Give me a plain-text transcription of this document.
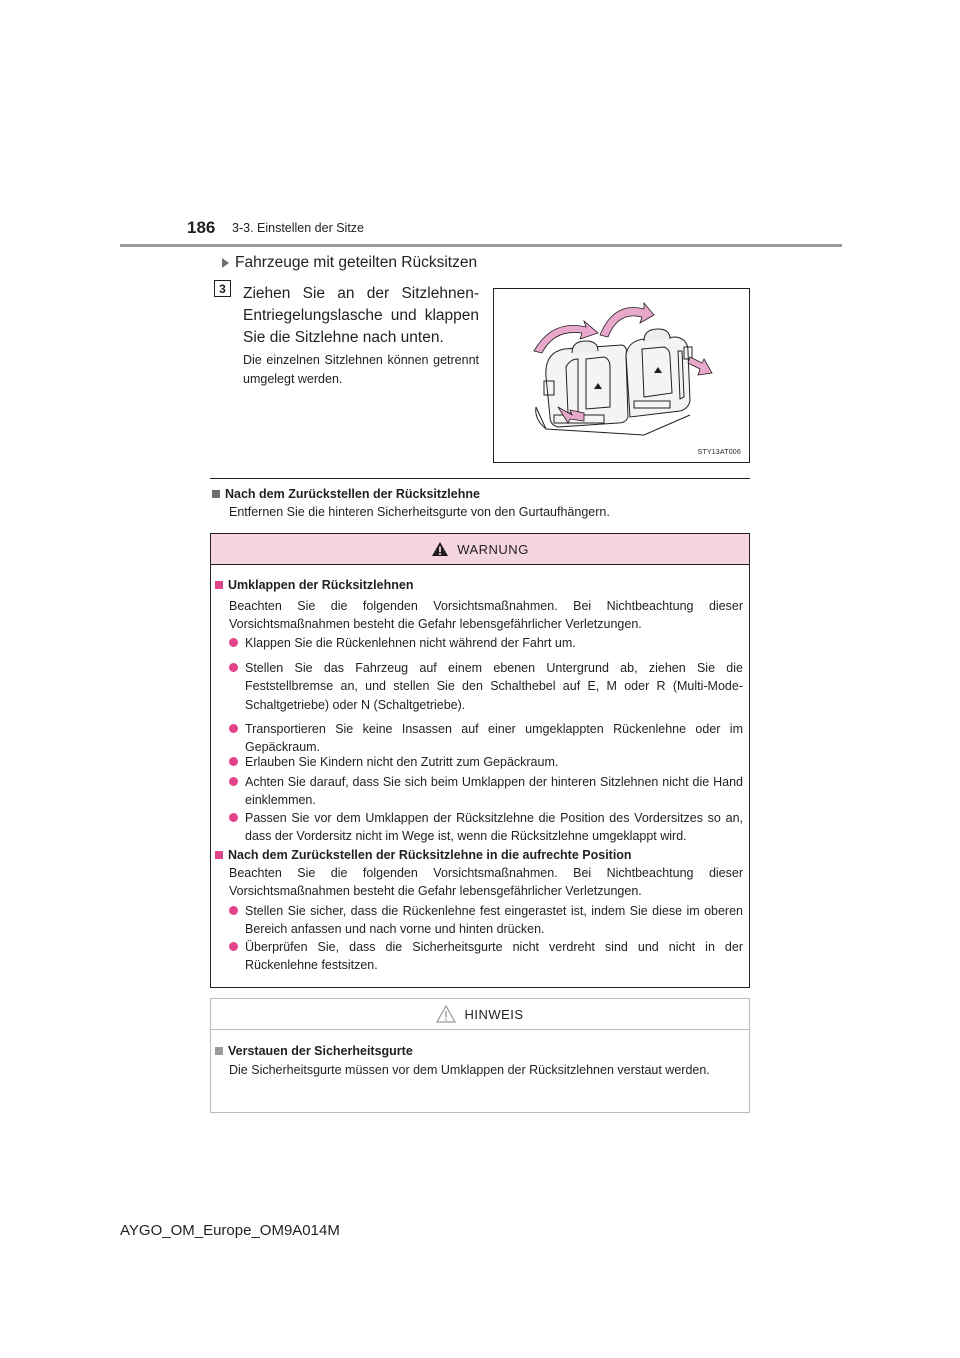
186 3-3. Einstellen der Sitze
Fahrzeuge mit geteilten Rücksitzen
3	Ziehen Sie an der Sitzlehnen-Entriegelungslasche und klappen Sie die Sitzlehne nach unten.
Die einzelnen Sitzlehnen können getrennt umgelegt werden.
STY13AT006
Nach dem Zurückstellen der Rücksitzlehne
Entfernen Sie die hinteren Sicherheitsgurte von den Gurtaufhängern.
WARNUNG
Umklappen der Rücksitzlehnen
Beachten Sie die folgenden Vorsichtsmaßnahmen. Bei Nichtbeachtung dieser Vorsichtsmaßnahmen besteht die Gefahr lebensgefährlicher Verletzungen.
Klappen Sie die Rückenlehnen nicht während der Fahrt um.
Stellen Sie das Fahrzeug auf einem ebenen Untergrund ab, ziehen Sie die Feststellbremse an, und stellen Sie den Schalthebel auf E, M oder R (Multi-Mode-Schaltgetriebe) oder N (Schaltgetriebe).
Transportieren Sie keine Insassen auf einer umgeklappten Rückenlehne oder im Gepäckraum.
Erlauben Sie Kindern nicht den Zutritt zum Gepäckraum.
Achten Sie darauf, dass Sie sich beim Umklappen der hinteren Sitzlehnen nicht die Hand einklemmen.
Passen Sie vor dem Umklappen der Rücksitzlehne die Position des Vordersitzes so an, dass der Vordersitz nicht im Wege ist, wenn die Rücksitzlehne umgeklappt wird.
Nach dem Zurückstellen der Rücksitzlehne in die aufrechte Position
Beachten Sie die folgenden Vorsichtsmaßnahmen. Bei Nichtbeachtung dieser Vorsichtsmaßnahmen besteht die Gefahr lebensgefährlicher Verletzungen.
Stellen Sie sicher, dass die Rückenlehne fest eingerastet ist, indem Sie diese im oberen Bereich anfassen und nach vorne und hinten drücken.
Überprüfen Sie, dass die Sicherheitsgurte nicht verdreht sind und nicht in der Rückenlehne festsitzen.
HINWEIS
Verstauen der Sicherheitsgurte
Die Sicherheitsgurte müssen vor dem Umklappen der Rücksitzlehnen verstaut werden.
AYGO_OM_Europe_OM9A014M
